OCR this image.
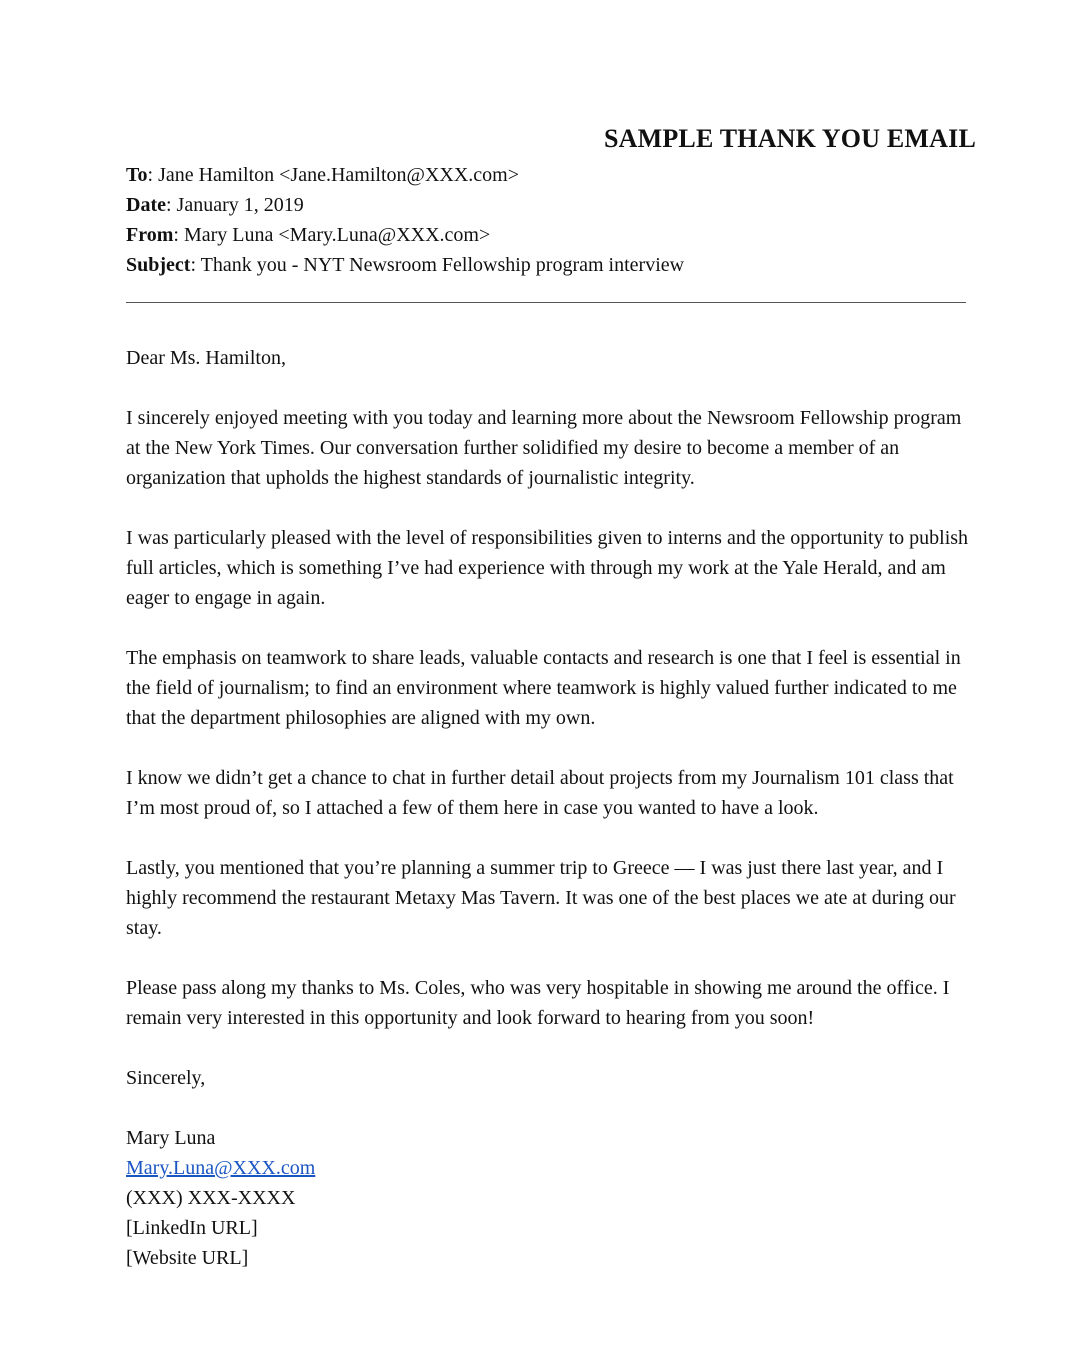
SAMPLE THANK YOU EMAIL
To: Jane Hamilton <Jane.Hamilton@XXX.com>
Date: January 1, 2019
From: Mary Luna <Mary.Luna@XXX.com>
Subject: Thank you - NYT Newsroom Fellowship program interview

Dear Ms. Hamilton,

I sincerely enjoyed meeting with you today and learning more about the Newsroom Fellowship program at the New York Times. Our conversation further solidified my desire to become a member of an organization that upholds the highest standards of journalistic integrity.

I was particularly pleased with the level of responsibilities given to interns and the opportunity to publish full articles, which is something I’ve had experience with through my work at the Yale Herald, and am eager to engage in again.

The emphasis on teamwork to share leads, valuable contacts and research is one that I feel is essential in the field of journalism; to find an environment where teamwork is highly valued further indicated to me that the department philosophies are aligned with my own.

I know we didn’t get a chance to chat in further detail about projects from my Journalism 101 class that I’m most proud of, so I attached a few of them here in case you wanted to have a look.

Lastly, you mentioned that you’re planning a summer trip to Greece — I was just there last year, and I highly recommend the restaurant Metaxy Mas Tavern. It was one of the best places we ate at during our stay.

Please pass along my thanks to Ms. Coles, who was very hospitable in showing me around the office. I remain very interested in this opportunity and look forward to hearing from you soon!

Sincerely,

Mary Luna

Mary.Luna@XXX.com

(XXX) XXX-XXXX

[LinkedIn URL]

[Website URL]
